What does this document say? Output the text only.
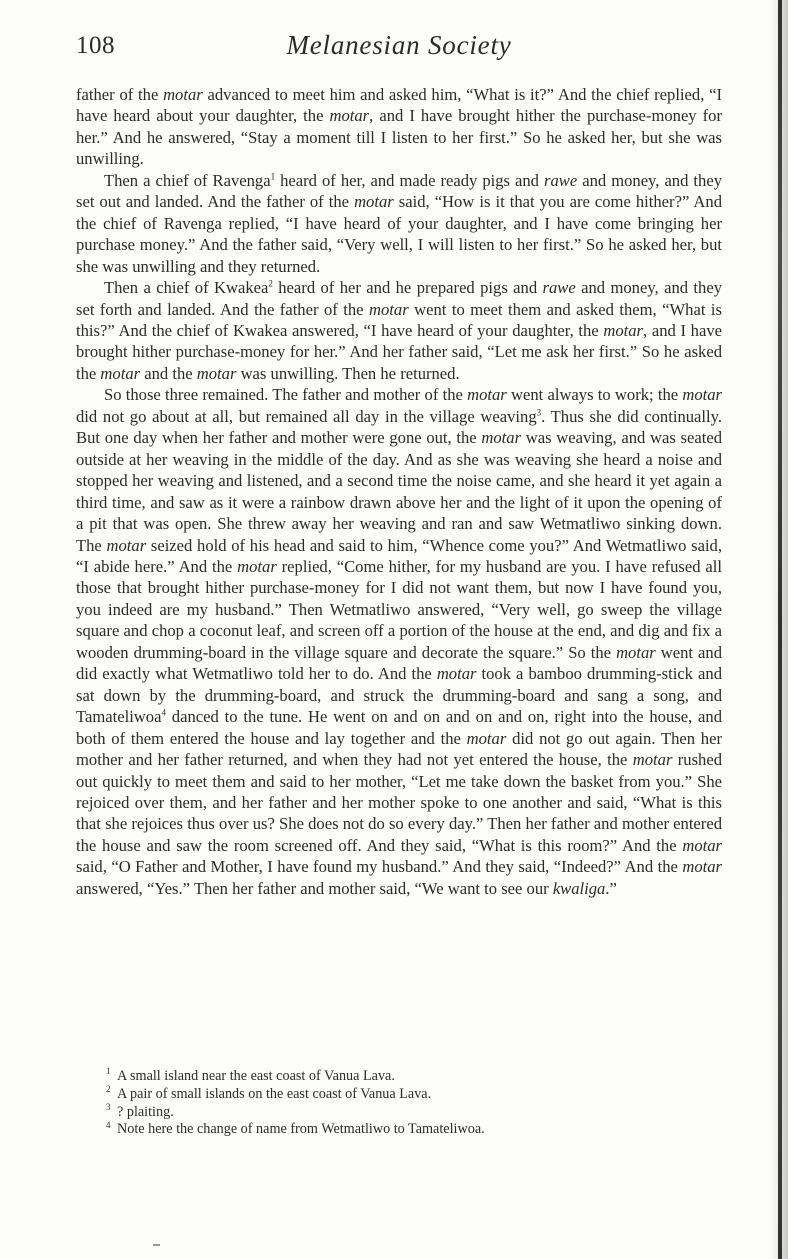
108	Melanesian Society

father of the motar advanced to meet him and asked him, “What is it?” And the chief replied, “I have heard about your daughter, the motar, and I have brought hither the purchase-money for her.” And he answered, “Stay a moment till I listen to her first.” So he asked her, but she was unwilling.

Then a chief of Ravenga$^1$ heard of her, and made ready pigs and rawe and money, and they set out and landed. And the father of the motar said, “How is it that you are come hither?” And the chief of Ravenga replied, “I have heard of your daughter, and I have come bringing her purchase money.” And the father said, “Very well, I will listen to her first.” So he asked her, but she was unwilling and they returned.

Then a chief of Kwakea$^2$ heard of her and he prepared pigs and rawe and money, and they set forth and landed. And the father of the motar went to meet them and asked them, “What is this?” And the chief of Kwakea answered, “I have heard of your daughter, the motar, and I have brought hither purchase-money for her.” And her father said, “Let me ask her first.” So he asked the motar and the motar was unwilling. Then he returned.

So those three remained. The father and mother of the motar went always to work; the motar did not go about at all, but remained all day in the village weaving$^3$. Thus she did continually. But one day when her father and mother were gone out, the motar was weaving, and was seated outside at her weaving in the middle of the day. And as she was weaving she heard a noise and stopped her weaving and listened, and a second time the noise came, and she heard it yet again a third time, and saw as it were a rainbow drawn above her and the light of it upon the opening of a pit that was open. She threw away her weaving and ran and saw Wetmatliwo sinking down. The motar seized hold of his head and said to him, “Whence come you?” And Wetmatliwo said, “I abide here.” And the motar replied, “Come hither, for my husband are you. I have refused all those that brought hither purchase-money for I did not want them, but now I have found you, you indeed are my husband.” Then Wetmatliwo answered, “Very well, go sweep the village square and chop a coconut leaf, and screen off a portion of the house at the end, and dig and fix a wooden drumming-board in the village square and decorate the square.” So the motar went and did exactly what Wetmatliwo told her to do. And the motar took a bamboo drumming-stick and sat down by the drumming-board, and struck the drumming-board and sang a song, and Tamateliwoa$^4$ danced to the tune. He went on and on and on and on, right into the house, and both of them entered the house and lay together and the motar did not go out again. Then her mother and her father returned, and when they had not yet entered the house, the motar rushed out quickly to meet them and said to her mother, “Let me take down the basket from you.” She rejoiced over them, and her father and her mother spoke to one another and said, “What is this that she rejoices thus over us? She does not do so every day.” Then her father and mother entered the house and saw the room screened off. And they said, “What is this room?” And the motar said, “O Father and Mother, I have found my husband.” And they said, “Indeed?” And the motar answered, “Yes.” Then her father and mother said, “We want to see our kwaliga.”

1 A small island near the east coast of Vanua Lava.

2 A pair of small islands on the east coast of Vanua Lava.

3 ? plaiting.

4 Note here the change of name from Wetmatliwo to Tamateliwoa.
